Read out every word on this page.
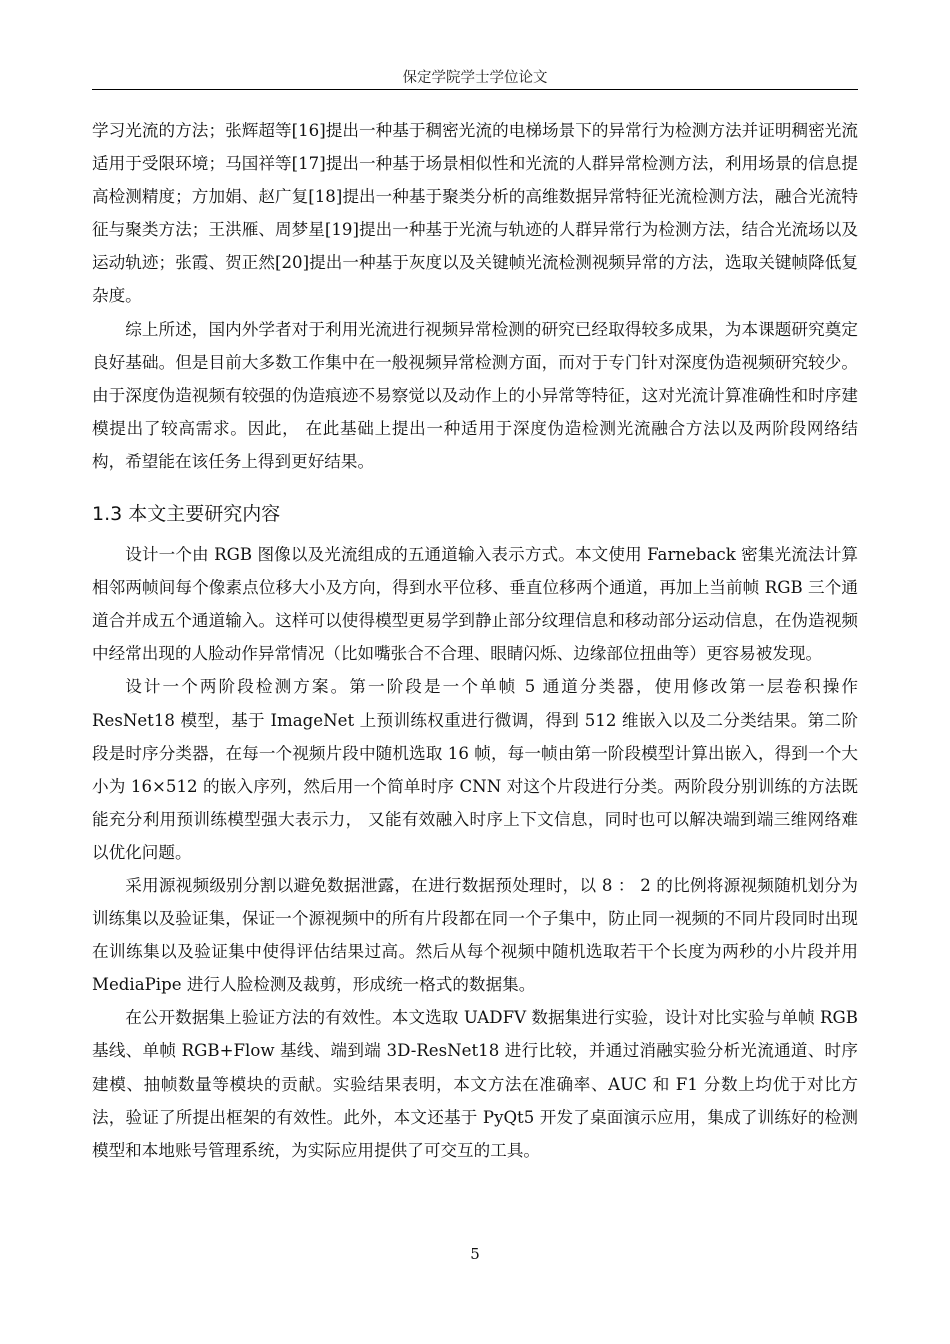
保定学院学士学位论文

学习光流的方法；张辉超等[16]提出一种基于稠密光流的电梯场景下的异常行为检测方法并证明稠密光流适用于受限环境；马国祥等[17]提出一种基于场景相似性和光流的人群异常检测方法，利用场景的信息提高检测精度；方加娟、赵广复[18]提出一种基于聚类分析的高维数据异常特征光流检测方法，融合光流特征与聚类方法；王洪雁、周梦星[19]提出一种基于光流与轨迹的人群异常行为检测方法，结合光流场以及运动轨迹；张霞、贺正然[20]提出一种基于灰度以及关键帧光流检测视频异常的方法，选取关键帧降低复杂度。

综上所述，国内外学者对于利用光流进行视频异常检测的研究已经取得较多成果，为本课题研究奠定良好基础。但是目前大多数工作集中在一般视频异常检测方面，而对于专门针对深度伪造视频研究较少。由于深度伪造视频有较强的伪造痕迹不易察觉以及动作上的小异常等特征，这对光流计算准确性和时序建模提出了较高需求。因此， 在此基础上提出一种适用于深度伪造检测光流融合方法以及两阶段网络结构，希望能在该任务上得到更好结果。

1.3 本文主要研究内容

设计一个由 RGB 图像以及光流组成的五通道输入表示方式。本文使用 Farneback 密集光流法计算相邻两帧间每个像素点位移大小及方向，得到水平位移、垂直位移两个通道，再加上当前帧 RGB 三个通道合并成五个通道输入。这样可以使得模型更易学到静止部分纹理信息和移动部分运动信息，在伪造视频中经常出现的人脸动作异常情况（比如嘴张合不合理、眼睛闪烁、边缘部位扭曲等）更容易被发现。

设计一个两阶段检测方案。第一阶段是一个单帧 5 通道分类器，使用修改第一层卷积操作 ResNet18 模型，基于 ImageNet 上预训练权重进行微调，得到 512 维嵌入以及二分类结果。第二阶段是时序分类器，在每一个视频片段中随机选取 16 帧，每一帧由第一阶段模型计算出嵌入，得到一个大小为 16×512 的嵌入序列，然后用一个简单时序 CNN 对这个片段进行分类。两阶段分别训练的方法既能充分利用预训练模型强大表示力， 又能有效融入时序上下文信息，同时也可以解决端到端三维网络难以优化问题。

采用源视频级别分割以避免数据泄露，在进行数据预处理时，以 8 ： 2 的比例将源视频随机划分为训练集以及验证集，保证一个源视频中的所有片段都在同一个子集中，防止同一视频的不同片段同时出现在训练集以及验证集中使得评估结果过高。然后从每个视频中随机选取若干个长度为两秒的小片段并用 MediaPipe 进行人脸检测及裁剪，形成统一格式的数据集。

在公开数据集上验证方法的有效性。本文选取 UADFV 数据集进行实验，设计对比实验与单帧 RGB 基线、单帧 RGB+Flow 基线、端到端 3D-ResNet18 进行比较，并通过消融实验分析光流通道、时序建模、抽帧数量等模块的贡献。实验结果表明，本文方法在准确率、AUC 和 F1 分数上均优于对比方法，验证了所提出框架的有效性。此外，本文还基于 PyQt5 开发了桌面演示应用，集成了训练好的检测模型和本地账号管理系统，为实际应用提供了可交互的工具。

5
